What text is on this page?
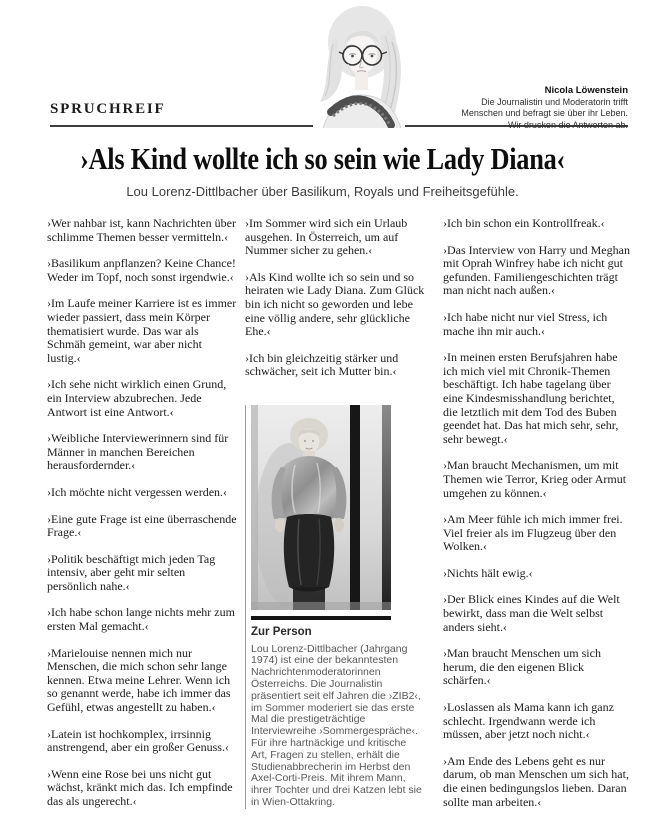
SPRUCHREIF
Nicola Löwenstein
Die Journalistin und Moderatorin trifft
Menschen und befragt sie über ihr Leben.
Wir drucken die Antworten ab.
›Als Kind wollte ich so sein wie Lady Diana‹
Lou Lorenz-Dittlbacher über Basilikum, Royals und Freiheitsgefühle.

›Wer nahbar ist, kann Nachrichten über schlimme Themen besser vermitteln.‹

›Basilikum anpflanzen? Keine Chance! Weder im Topf, noch sonst irgendwie.‹

›Im Laufe meiner Karriere ist es immer wieder passiert, dass mein Körper thematisiert wurde. Das war als Schmäh gemeint, war aber nicht lustig.‹

›Ich sehe nicht wirklich einen Grund, ein Interview abzubrechen. Jede Antwort ist eine Antwort.‹

›Weibliche Interviewerinnern sind für Männer in manchen Bereichen herausfordernder.‹

›Ich möchte nicht vergessen werden.‹

›Eine gute Frage ist eine überraschende Frage.‹

›Politik beschäftigt mich jeden Tag intensiv, aber geht mir selten persönlich nahe.‹

›Ich habe schon lange nichts mehr zum ersten Mal gemacht.‹

›Marielouise nennen mich nur Menschen, die mich schon sehr lange kennen. Etwa meine Lehrer. Wenn ich so genannt werde, habe ich immer das Gefühl, etwas angestellt zu haben.‹

›Latein ist hochkomplex, irrsinnig anstrengend, aber ein großer Genuss.‹

›Wenn eine Rose bei uns nicht gut wächst, kränkt mich das. Ich empfinde das als ungerecht.‹

›Im Sommer wird sich ein Urlaub ausgehen. In Österreich, um auf Nummer sicher zu gehen.‹

›Als Kind wollte ich so sein und so heiraten wie Lady Diana. Zum Glück bin ich nicht so geworden und lebe eine völlig andere, sehr glückliche Ehe.‹

›Ich bin gleichzeitig stärker und schwächer, seit ich Mutter bin.‹

Zur Person
Lou Lorenz-Dittlbacher (Jahrgang 1974) ist eine der bekanntesten Nachrichtenmoderatorinnen Österreichs. Die Journalistin präsentiert seit elf Jahren die ›ZIB2‹, im Sommer moderiert sie das erste Mal die prestigeträchtige Interviewreihe ›Sommergespräche‹. Für ihre hartnäckige und kritische Art, Fragen zu stellen, erhält die Studienabbrecherin im Herbst den Axel-Corti-Preis. Mit ihrem Mann, ihrer Tochter und drei Katzen lebt sie in Wien-Ottakring.

›Ich bin schon ein Kontrollfreak.‹

›Das Interview von Harry und Meghan mit Oprah Winfrey habe ich nicht gut gefunden. Familiengeschichten trägt man nicht nach außen.‹

›Ich habe nicht nur viel Stress, ich mache ihn mir auch.‹

›In meinen ersten Berufsjahren habe ich mich viel mit Chronik-Themen beschäftigt. Ich habe tagelang über eine Kindesmisshandlung berichtet, die letztlich mit dem Tod des Buben geendet hat. Das hat mich sehr, sehr, sehr bewegt.‹

›Man braucht Mechanismen, um mit Themen wie Terror, Krieg oder Armut umgehen zu können.‹

›Am Meer fühle ich mich immer frei. Viel freier als im Flugzeug über den Wolken.‹

›Nichts hält ewig.‹

›Der Blick eines Kindes auf die Welt bewirkt, dass man die Welt selbst anders sieht.‹

›Man braucht Menschen um sich herum, die den eigenen Blick schärfen.‹

›Loslassen als Mama kann ich ganz schlecht. Irgendwann werde ich müssen, aber jetzt noch nicht.‹

›Am Ende des Lebens geht es nur darum, ob man Menschen um sich hat, die einen bedingungslos lieben. Daran sollte man arbeiten.‹
